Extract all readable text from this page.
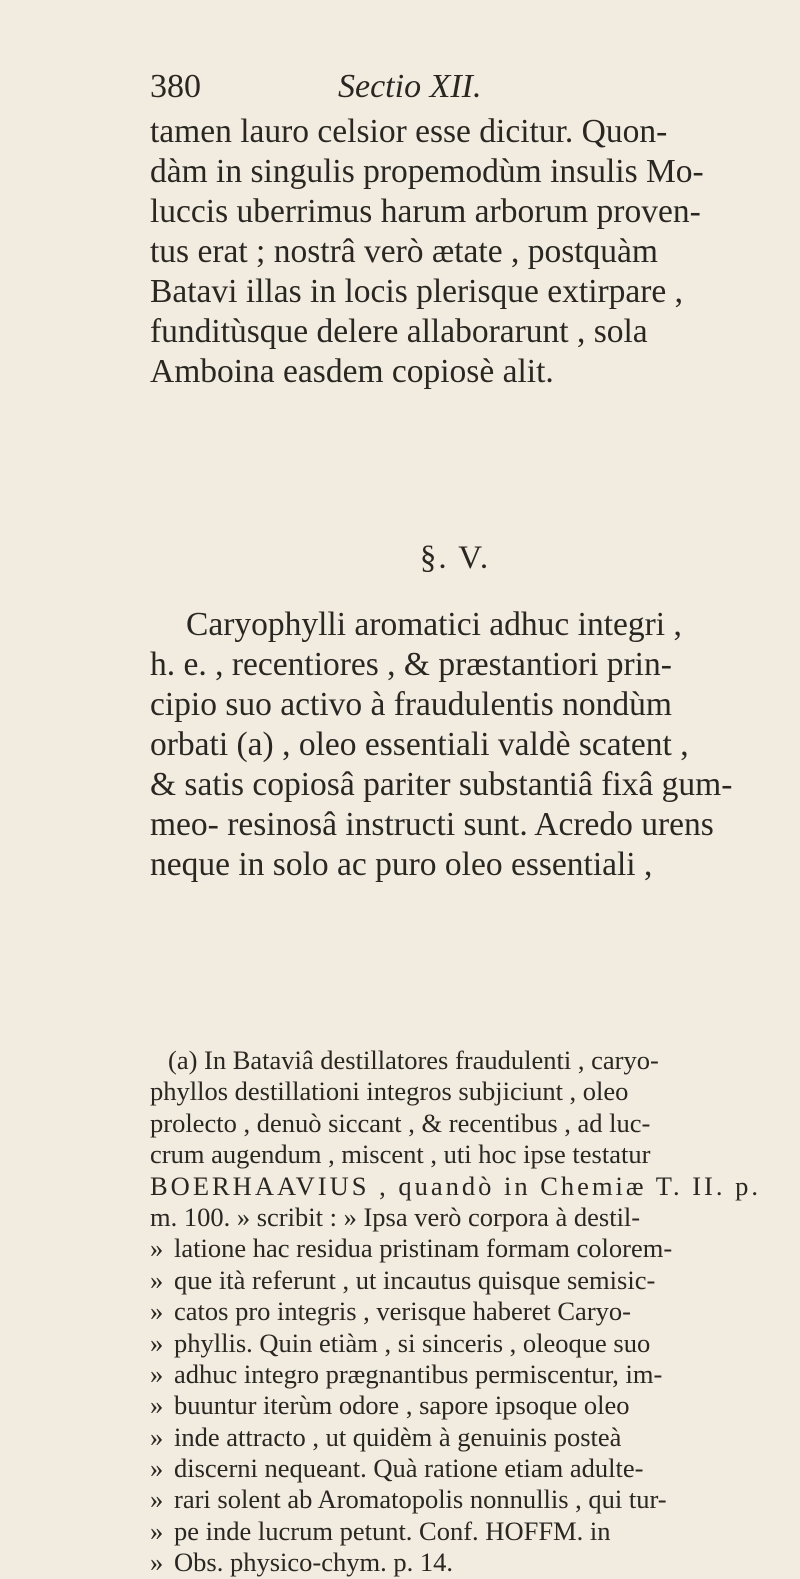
380	Sectio XII.
tamen lauro celsior esse dicitur. Quon-
dàm in singulis propemodùm insulis Mo-
luccis uberrimus harum arborum proven-
tus erat ; nostrâ verò ætate , postquàm
Batavi illas in locis plerisque extirpare ,
funditùsque delere allaborarunt , sola
Amboina easdem copiosè alit.
§. V.
Caryophylli aromatici adhuc integri ,
h. e. , recentiores , & præstantiori prin-
cipio suo activo à fraudulentis nondùm
orbati (a) , oleo essentiali valdè scatent ,
& satis copiosâ pariter substantiâ fixâ gum-
meo- resinosâ instructi sunt. Acredo urens
neque in solo ac puro oleo essentiali ,
(a) In Bataviâ destillatores fraudulenti , caryo-
phyllos destillationi integros subjiciunt , oleo
prolecto , denuò siccant , & recentibus , ad luc-
crum augendum , miscent , uti hoc ipse testatur
BOERHAAVIUS , quandò in Chemiæ T. II. p.
m. 100. » scribit : » Ipsa verò corpora à destil-
» latione hac residua pristinam formam colorem-
» que ità referunt , ut incautus quisque semisic-
» catos pro integris , verisque haberet Caryo-
» phyllis. Quin etiàm , si sinceris , oleoque suo
» adhuc integro prægnantibus permiscentur, im-
» buuntur iterùm odore , sapore ipsoque oleo
» inde attracto , ut quidèm à genuinis posteà
» discerni nequeant. Quà ratione etiam adulte-
» rari solent ab Aromatopolis nonnullis , qui tur-
» pe inde lucrum petunt. Conf. HOFFM. in
» Obs. physico-chym. p. 14.
